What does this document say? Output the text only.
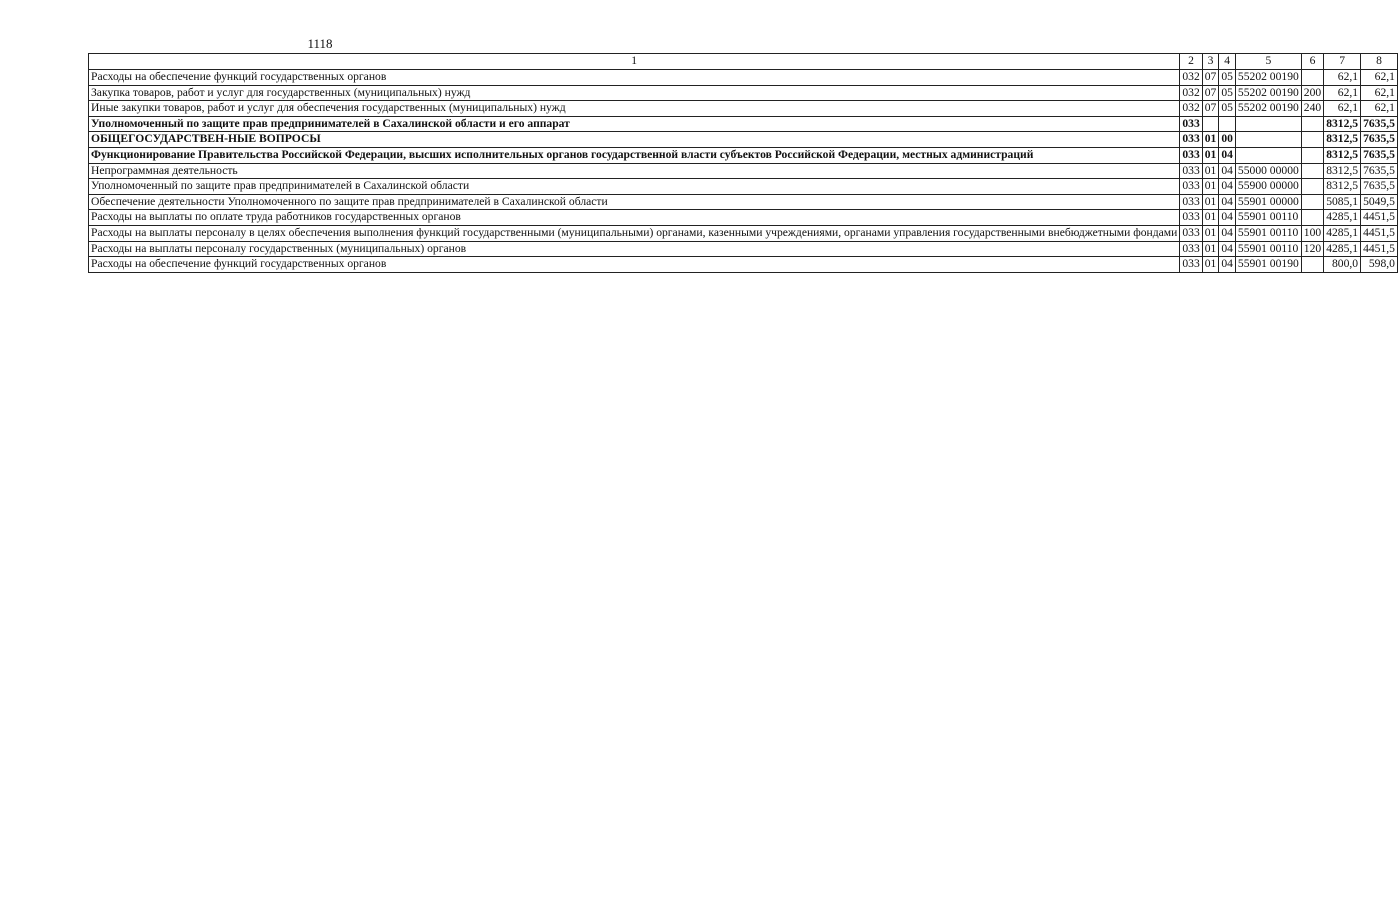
1118
1	2	3	4	5	6	7	8
Расходы на обеспечение функций государственных органов	032	07	05	55202 00190		62,1	62,1
Закупка товаров, работ и услуг для государственных (муниципальных) нужд	032	07	05	55202 00190	200	62,1	62,1
Иные закупки товаров, работ и услуг для обеспечения государственных (муниципальных) нужд	032	07	05	55202 00190	240	62,1	62,1
Уполномоченный по защите прав предпринимателей в Сахалинской области и его аппарат	033					8312,5	7635,5
ОБЩЕГОСУДАРСТВЕН-НЫЕ ВОПРОСЫ	033	01	00			8312,5	7635,5
Функционирование Правительства Российской Федерации, высших исполнительных органов государственной власти субъектов Российской Федерации, местных администраций	033	01	04			8312,5	7635,5
Непрограммная деятельность	033	01	04	55000 00000		8312,5	7635,5
Уполномоченный по защите прав предпринимателей в Сахалинской области	033	01	04	55900 00000		8312,5	7635,5
Обеспечение деятельности Уполномоченного по защите прав предпринимателей в Сахалинской области	033	01	04	55901 00000		5085,1	5049,5
Расходы на выплаты по оплате труда работников государственных органов	033	01	04	55901 00110		4285,1	4451,5
Расходы на выплаты персоналу в целях обеспечения выполнения функций государственными (муниципальными) органами, казенными учреждениями, органами управления государственными внебюджетными фондами	033	01	04	55901 00110	100	4285,1	4451,5
Расходы на выплаты персоналу государственных (муниципальных) органов	033	01	04	55901 00110	120	4285,1	4451,5
Расходы на обеспечение функций государственных органов	033	01	04	55901 00190		800,0	598,0
